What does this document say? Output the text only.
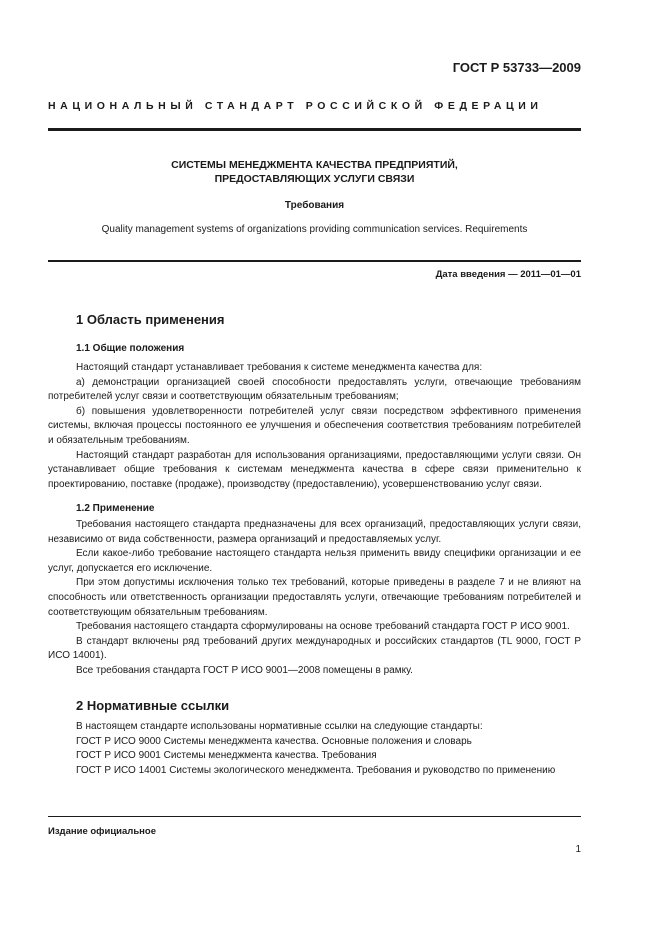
ГОСТ Р 53733—2009
НАЦИОНАЛЬНЫЙ СТАНДАРТ РОССИЙСКОЙ ФЕДЕРАЦИИ
СИСТЕМЫ МЕНЕДЖМЕНТА КАЧЕСТВА ПРЕДПРИЯТИЙ,
ПРЕДОСТАВЛЯЮЩИХ УСЛУГИ СВЯЗИ
Требования
Quality management systems of organizations providing communication services. Requirements
Дата введения — 2011—01—01
1 Область применения
1.1 Общие положения
Настоящий стандарт устанавливает требования к системе менеджмента качества для:
а) демонстрации организацией своей способности предоставлять услуги, отвечающие требованиям потребителей услуг связи и соответствующим обязательным требованиям;
б) повышения удовлетворенности потребителей услуг связи посредством эффективного применения системы, включая процессы постоянного ее улучшения и обеспечения соответствия требованиям потребителей и обязательным требованиям.
Настоящий стандарт разработан для использования организациями, предоставляющими услуги связи. Он устанавливает общие требования к системам менеджмента качества в сфере связи применительно к проектированию, поставке (продаже), производству (предоставлению), усовершенствованию услуг связи.
1.2 Применение
Требования настоящего стандарта предназначены для всех организаций, предоставляющих услуги связи, независимо от вида собственности, размера организаций и предоставляемых услуг.
Если какое-либо требование настоящего стандарта нельзя применить ввиду специфики организации и ее услуг, допускается его исключение.
При этом допустимы исключения только тех требований, которые приведены в разделе 7 и не влияют на способность или ответственность организации предоставлять услуги, отвечающие требованиям потребителей и соответствующим обязательным требованиям.
Требования настоящего стандарта сформулированы на основе требований стандарта ГОСТ Р ИСО 9001.
В стандарт включены ряд требований других международных и российских стандартов (TL 9000, ГОСТ Р ИСО 14001).
Все требования стандарта ГОСТ Р ИСО 9001—2008 помещены в рамку.
2 Нормативные ссылки
В настоящем стандарте использованы нормативные ссылки на следующие стандарты:
ГОСТ Р ИСО 9000 Системы менеджмента качества. Основные положения и словарь
ГОСТ Р ИСО 9001 Системы менеджмента качества. Требования
ГОСТ Р ИСО 14001 Системы экологического менеджмента. Требования и руководство по применению
Издание официальное
1
